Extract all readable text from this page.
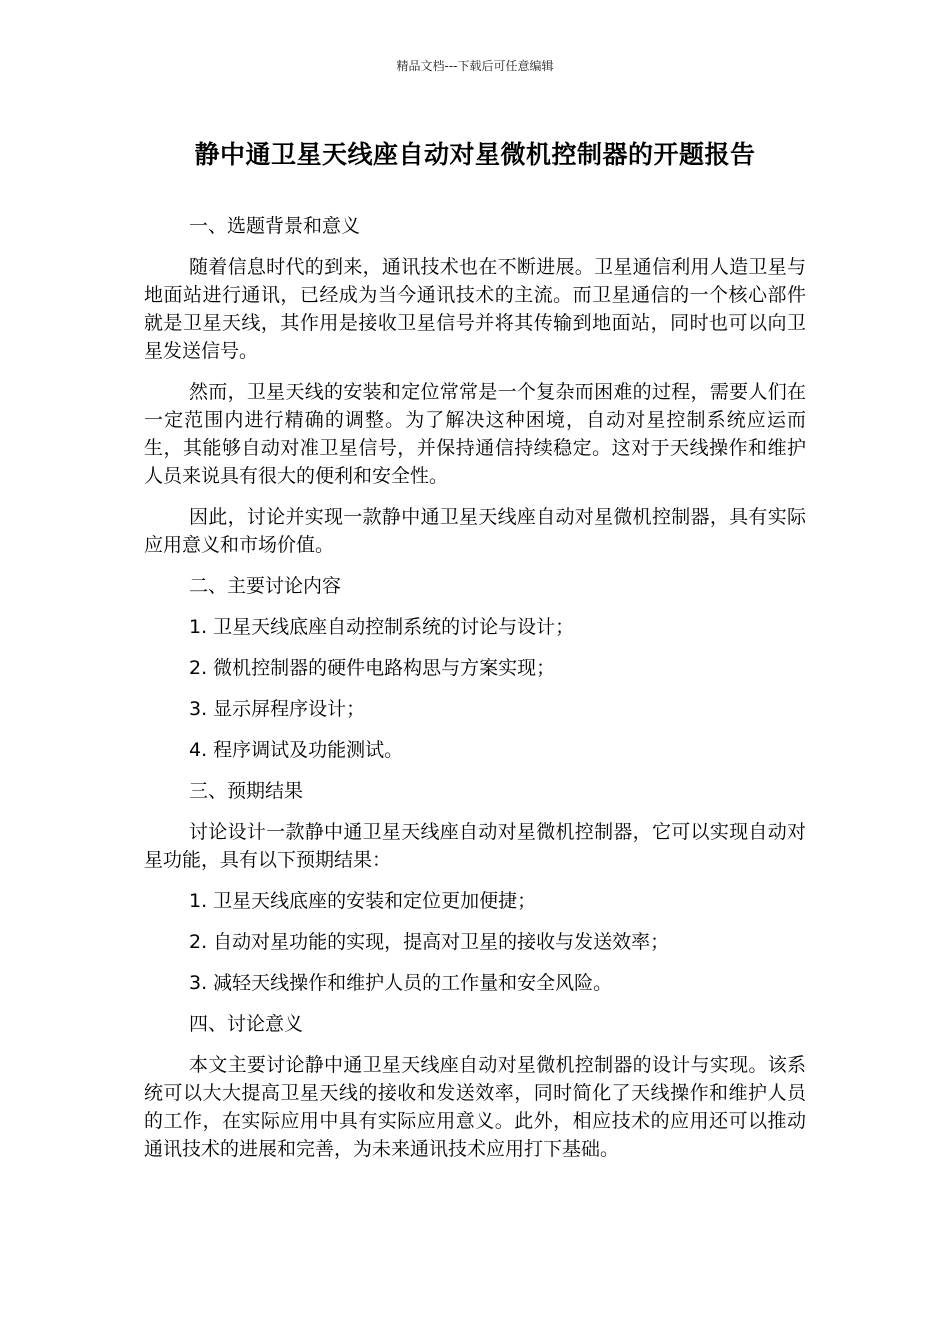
精品文档---下载后可任意编辑
静中通卫星天线座自动对星微机控制器的开题报告
一、选题背景和意义
随着信息时代的到来，通讯技术也在不断进展。卫星通信利用人造卫星与地面站进行通讯，已经成为当今通讯技术的主流。而卫星通信的一个核心部件就是卫星天线，其作用是接收卫星信号并将其传输到地面站，同时也可以向卫星发送信号。
然而，卫星天线的安装和定位常常是一个复杂而困难的过程，需要人们在一定范围内进行精确的调整。为了解决这种困境，自动对星控制系统应运而生，其能够自动对准卫星信号，并保持通信持续稳定。这对于天线操作和维护人员来说具有很大的便利和安全性。
因此，讨论并实现一款静中通卫星天线座自动对星微机控制器，具有实际应用意义和市场价值。
二、主要讨论内容
1. 卫星天线底座自动控制系统的讨论与设计；
2. 微机控制器的硬件电路构思与方案实现；
3. 显示屏程序设计；
4. 程序调试及功能测试。
三、预期结果
讨论设计一款静中通卫星天线座自动对星微机控制器，它可以实现自动对星功能，具有以下预期结果：
1. 卫星天线底座的安装和定位更加便捷；
2. 自动对星功能的实现，提高对卫星的接收与发送效率；
3. 减轻天线操作和维护人员的工作量和安全风险。
四、讨论意义
本文主要讨论静中通卫星天线座自动对星微机控制器的设计与实现。该系统可以大大提高卫星天线的接收和发送效率，同时简化了天线操作和维护人员的工作，在实际应用中具有实际应用意义。此外，相应技术的应用还可以推动通讯技术的进展和完善，为未来通讯技术应用打下基础。
